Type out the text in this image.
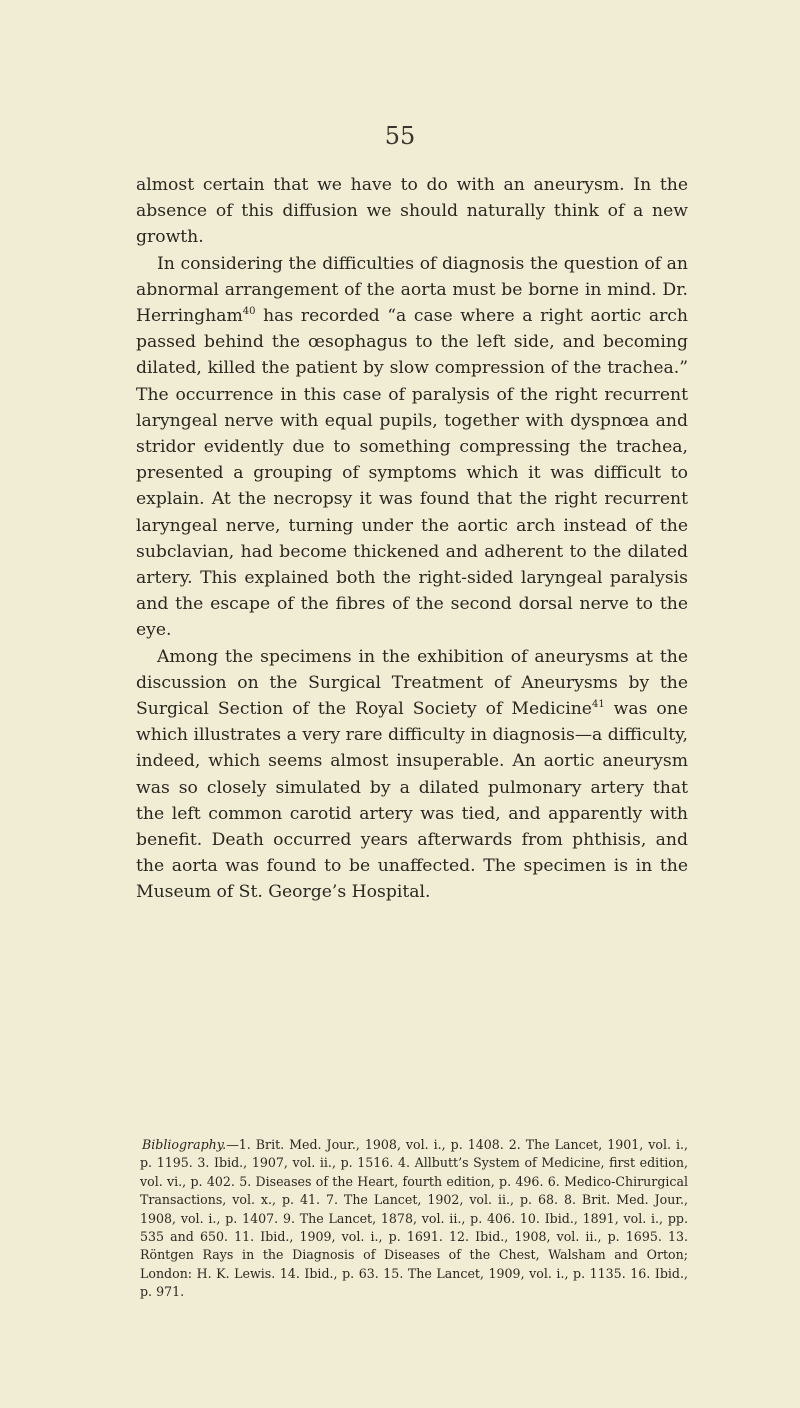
55

almost certain that we have to do with an aneurysm. In the absence of this diffusion we should naturally think of a new growth.

In considering the difficulties of diagnosis the question of an abnormal arrangement of the aorta must be borne in mind. Dr. Herringham$^{40}$ has recorded “a case where a right aortic arch passed behind the œsophagus to the left side, and becoming dilated, killed the patient by slow compression of the trachea.” The occurrence in this case of paralysis of the right recurrent laryngeal nerve with equal pupils, together with dyspnœa and stridor evidently due to something compressing the trachea, presented a grouping of symptoms which it was difficult to explain. At the necropsy it was found that the right recurrent laryngeal nerve, turning under the aortic arch instead of the subclavian, had become thickened and adherent to the dilated artery. This explained both the right-sided laryngeal paralysis and the escape of the fibres of the second dorsal nerve to the eye.

Among the specimens in the exhibition of aneurysms at the discussion on the Surgical Treatment of Aneurysms by the Surgical Section of the Royal Society of Medicine$^{41}$ was one which illustrates a very rare difficulty in diagnosis—a difficulty, indeed, which seems almost insuperable. An aortic aneurysm was so closely simulated by a dilated pulmonary artery that the left common carotid artery was tied, and apparently with benefit. Death occurred years afterwards from phthisis, and the aorta was found to be unaffected. The specimen is in the Museum of St. George’s Hospital.

Bibliography.—1. Brit. Med. Jour., 1908, vol. i., p. 1408. 2. The Lancet, 1901, vol. i., p. 1195. 3. Ibid., 1907, vol. ii., p. 1516. 4. Allbutt’s System of Medicine, first edition, vol. vi., p. 402. 5. Diseases of the Heart, fourth edition, p. 496. 6. Medico-Chirurgical Transactions, vol. x., p. 41. 7. The Lancet, 1902, vol. ii., p. 68. 8. Brit. Med. Jour., 1908, vol. i., p. 1407. 9. The Lancet, 1878, vol. ii., p. 406. 10. Ibid., 1891, vol. i., pp. 535 and 650. 11. Ibid., 1909, vol. i., p. 1691. 12. Ibid., 1908, vol. ii., p. 1695. 13. Röntgen Rays in the Diagnosis of Diseases of the Chest, Walsham and Orton; London: H. K. Lewis. 14. Ibid., p. 63. 15. The Lancet, 1909, vol. i., p. 1135. 16. Ibid., p. 971.
